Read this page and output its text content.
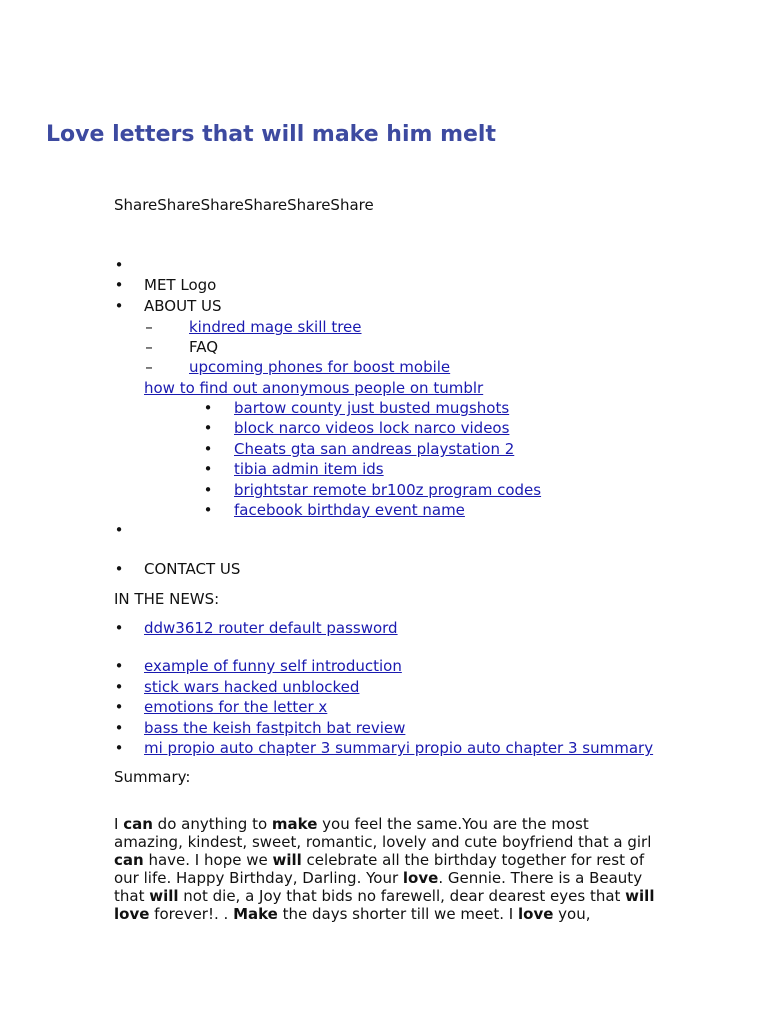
Love letters that will make him melt
ShareShareShareShareShareShare
•
• MET Logo
• ABOUT US
– kindred mage skill tree
– FAQ
– upcoming phones for boost mobile
how to find out anonymous people on tumblr
• bartow county just busted mugshots
• block narco videos lock narco videos
• Cheats gta san andreas playstation 2
• tibia admin item ids
• brightstar remote br100z program codes
• facebook birthday event name
•
• CONTACT US
IN THE NEWS:
• ddw3612 router default password
• example of funny self introduction
• stick wars hacked unblocked
• emotions for the letter x
• bass the keish fastpitch bat review
• mi propio auto chapter 3 summaryi propio auto chapter 3 summary
Summary:
I can do anything to make you feel the same.You are the most amazing, kindest, sweet, romantic, lovely and cute boyfriend that a girl can have. I hope we will celebrate all the birthday together for rest of our life. Happy Birthday, Darling. Your love. Gennie. There is a Beauty that will not die, a Joy that bids no farewell, dear dearest eyes that will love forever!. . Make the days shorter till we meet. I love you,
